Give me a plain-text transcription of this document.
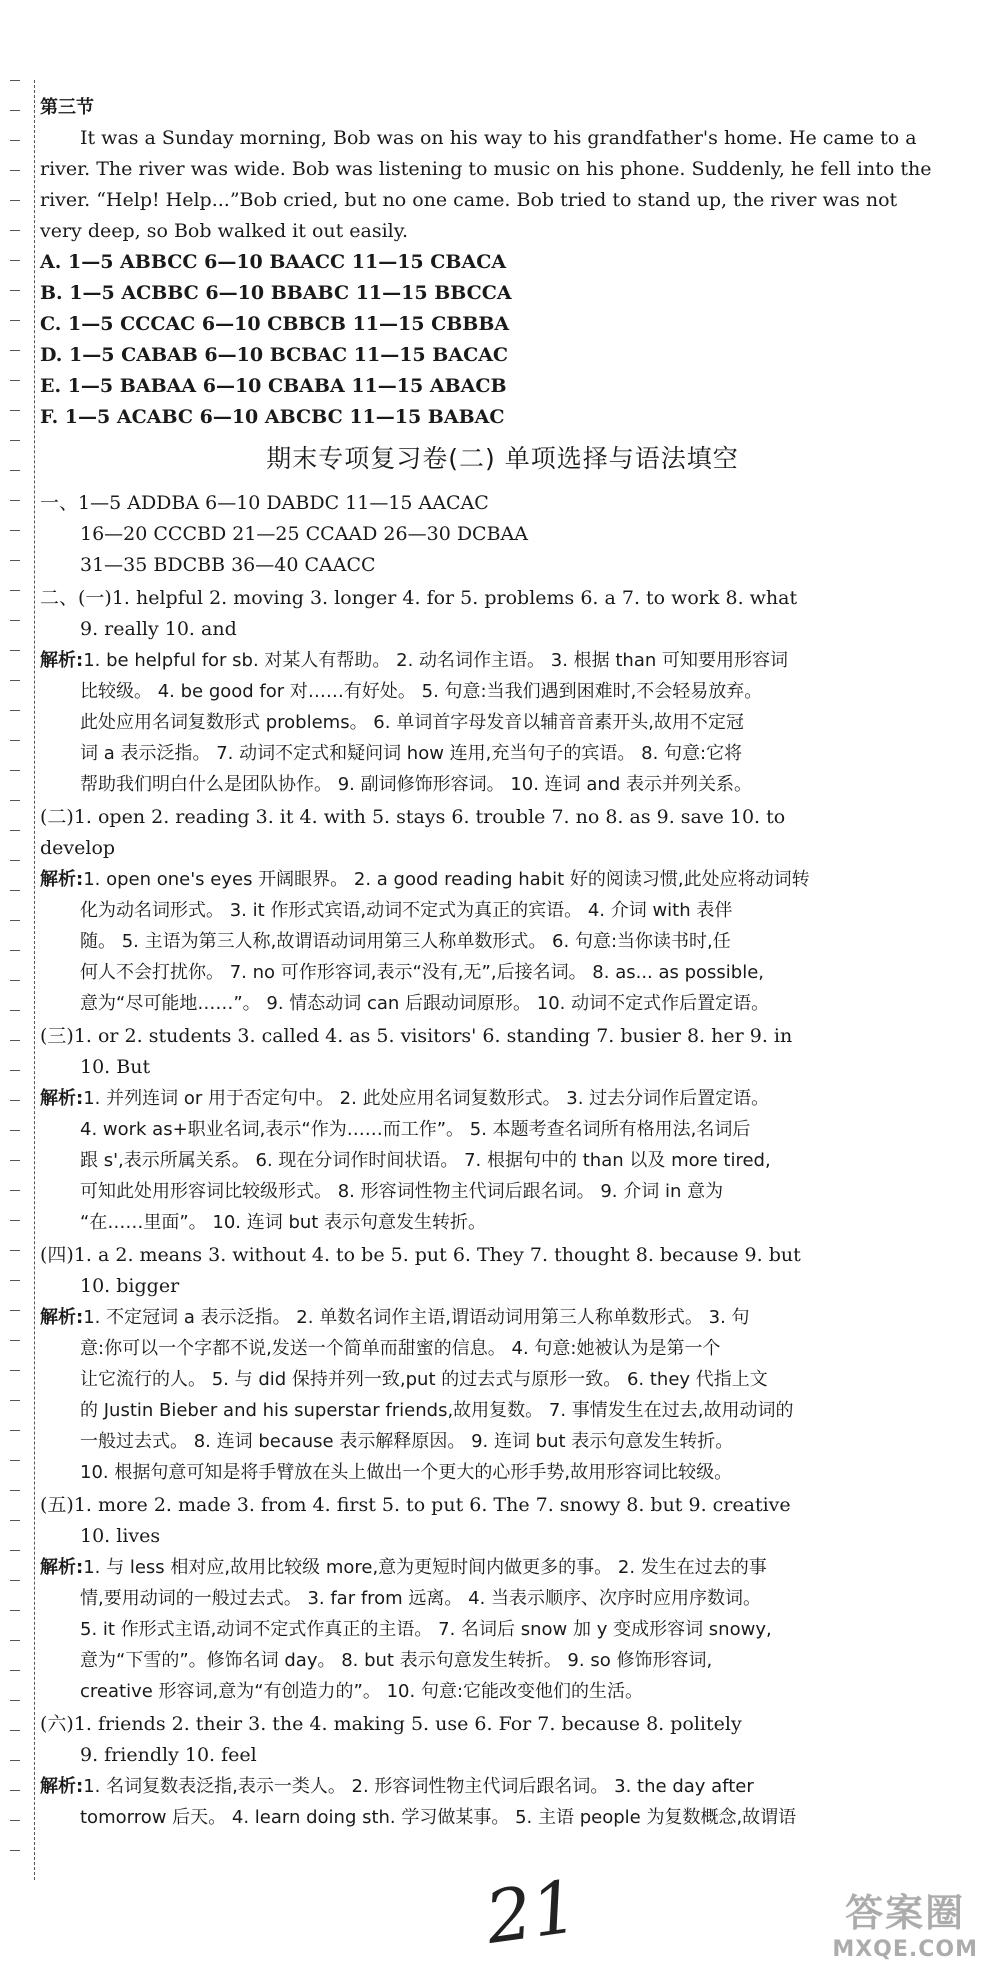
第三节
It was a Sunday morning, Bob was on his way to his grandfather's home. He came to a
river. The river was wide. Bob was listening to music on his phone. Suddenly, he fell into the
river. “Help! Help...”Bob cried, but no one came. Bob tried to stand up, the river was not
very deep, so Bob walked it out easily.
A. 1—5 ABBCC 6—10 BAACC 11—15 CBACA
B. 1—5 ACBBC 6—10 BBABC 11—15 BBCCA
C. 1—5 CCCAC 6—10 CBBCB 11—15 CBBBA
D. 1—5 CABAB 6—10 BCBAC 11—15 BACAC
E. 1—5 BABAA 6—10 CBABA 11—15 ABACB
F. 1—5 ACABC 6—10 ABCBC 11—15 BABAC
期末专项复习卷(二) 单项选择与语法填空
一、1—5 ADDBA 6—10 DABDC 11—15 AACAC
16—20 CCCBD 21—25 CCAAD 26—30 DCBAA
31—35 BDCBB 36—40 CAACC
二、(一)1. helpful 2. moving 3. longer 4. for 5. problems 6. a 7. to work 8. what
9. really 10. and
解析:1. be helpful for sb. 对某人有帮助。 2. 动名词作主语。 3. 根据 than 可知要用形容词
比较级。 4. be good for 对……有好处。 5. 句意:当我们遇到困难时,不会轻易放弃。
此处应用名词复数形式 problems。 6. 单词首字母发音以辅音音素开头,故用不定冠
词 a 表示泛指。 7. 动词不定式和疑问词 how 连用,充当句子的宾语。 8. 句意:它将
帮助我们明白什么是团队协作。 9. 副词修饰形容词。 10. 连词 and 表示并列关系。
(二)1. open 2. reading 3. it 4. with 5. stays 6. trouble 7. no 8. as 9. save 10. to
develop
解析:1. open one's eyes 开阔眼界。 2. a good reading habit 好的阅读习惯,此处应将动词转
化为动名词形式。 3. it 作形式宾语,动词不定式为真正的宾语。 4. 介词 with 表伴
随。 5. 主语为第三人称,故谓语动词用第三人称单数形式。 6. 句意:当你读书时,任
何人不会打扰你。 7. no 可作形容词,表示“没有,无”,后接名词。 8. as... as possible,
意为“尽可能地……”。 9. 情态动词 can 后跟动词原形。 10. 动词不定式作后置定语。
(三)1. or 2. students 3. called 4. as 5. visitors' 6. standing 7. busier 8. her 9. in
10. But
解析:1. 并列连词 or 用于否定句中。 2. 此处应用名词复数形式。 3. 过去分词作后置定语。
4. work as+职业名词,表示“作为……而工作”。 5. 本题考查名词所有格用法,名词后
跟 s',表示所属关系。 6. 现在分词作时间状语。 7. 根据句中的 than 以及 more tired,
可知此处用形容词比较级形式。 8. 形容词性物主代词后跟名词。 9. 介词 in 意为
“在……里面”。 10. 连词 but 表示句意发生转折。
(四)1. a 2. means 3. without 4. to be 5. put 6. They 7. thought 8. because 9. but
10. bigger
解析:1. 不定冠词 a 表示泛指。 2. 单数名词作主语,谓语动词用第三人称单数形式。 3. 句
意:你可以一个字都不说,发送一个简单而甜蜜的信息。 4. 句意:她被认为是第一个
让它流行的人。 5. 与 did 保持并列一致,put 的过去式与原形一致。 6. they 代指上文
的 Justin Bieber and his superstar friends,故用复数。 7. 事情发生在过去,故用动词的
一般过去式。 8. 连词 because 表示解释原因。 9. 连词 but 表示句意发生转折。
10. 根据句意可知是将手臂放在头上做出一个更大的心形手势,故用形容词比较级。
(五)1. more 2. made 3. from 4. first 5. to put 6. The 7. snowy 8. but 9. creative
10. lives
解析:1. 与 less 相对应,故用比较级 more,意为更短时间内做更多的事。 2. 发生在过去的事
情,要用动词的一般过去式。 3. far from 远离。 4. 当表示顺序、次序时应用序数词。
5. it 作形式主语,动词不定式作真正的主语。 7. 名词后 snow 加 y 变成形容词 snowy,
意为“下雪的”。修饰名词 day。 8. but 表示句意发生转折。 9. so 修饰形容词,
creative 形容词,意为“有创造力的”。 10. 句意:它能改变他们的生活。
(六)1. friends 2. their 3. the 4. making 5. use 6. For 7. because 8. politely
9. friendly 10. feel
解析:1. 名词复数表泛指,表示一类人。 2. 形容词性物主代词后跟名词。 3. the day after
tomorrow 后天。 4. learn doing sth. 学习做某事。 5. 主语 people 为复数概念,故谓语
21	答案圈
MXQE.COM
